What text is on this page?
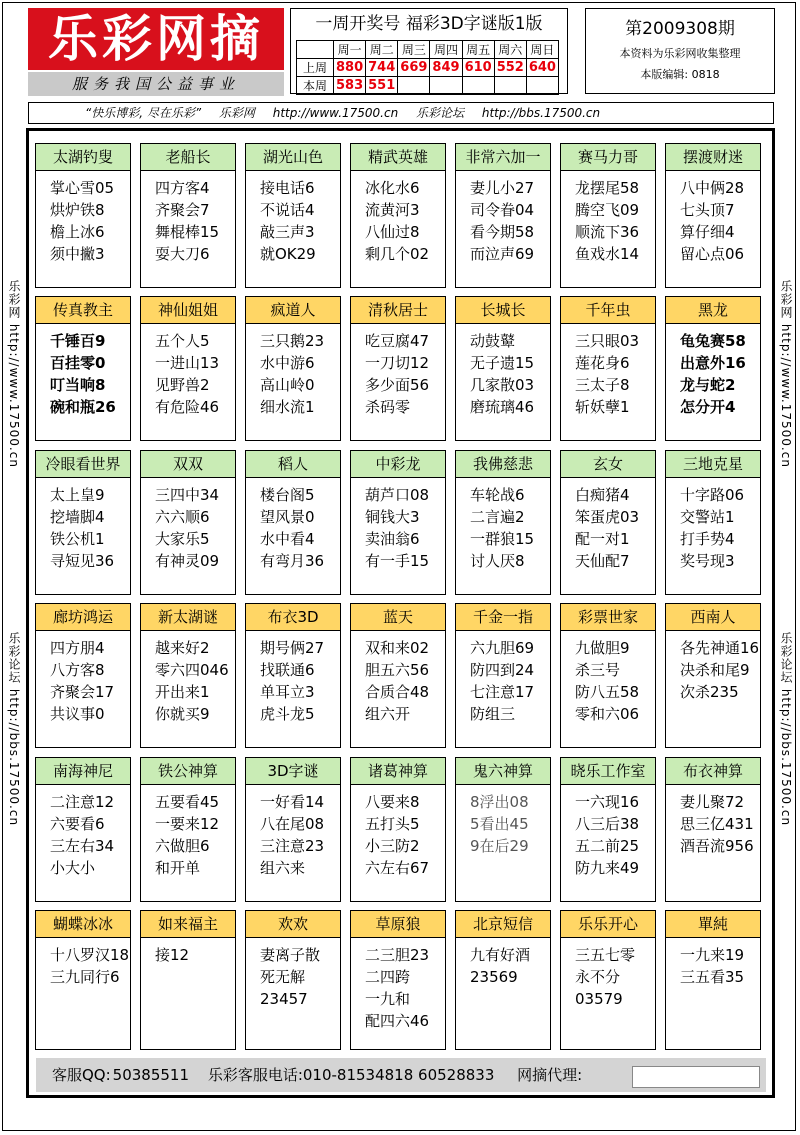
乐彩网摘
服务我国公益事业
一周开奖号 福彩3D字谜版1版
	周一	周二	周三	周四	周五	周六	周日
上周	880	744	669	849	610	552	640
本周	583	551					
第2009308期
本资料为乐彩网收集整理
本版编辑: 0818
“快乐博彩, 尽在乐彩” 乐彩网 http://www.17500.cn 乐彩论坛 http://bbs.17500.cn
乐彩网 http://www.17500.cn
乐彩论坛 http://bbs.17500.cn
乐彩网 http://www.17500.cn
乐彩论坛 http://bbs.17500.cn
太湖钓叟
掌心雪05
烘炉铁8
檐上冰6
须中撇3
老船长
四方客4
齐聚会7
舞棍棒15
耍大刀6
湖光山色
接电话6
不说话4
敲三声3
就OK29
精武英雄
冰化水6
流黄河3
八仙过8
剩几个02
非常六加一
妻儿小27
司令眷04
看今期58
而泣声69
赛马力哥
龙摆尾58
腾空飞09
顺流下36
鱼戏水14
摆渡财迷
八中俩28
七头顶7
算仔细4
留心点06
传真教主
千锤百9
百挂零0
叮当响8
碗和瓶26
神仙姐姐
五个人5
一进山13
见野兽2
有危险46
疯道人
三只鹅23
水中游6
高山岭0
细水流1
清秋居士
吃豆腐47
一刀切12
多少面56
杀码零
长城长
动鼓鼙
无子遗15
几家散03
磨琉璃46
千年虫
三只眼03
莲花身6
三太子8
斩妖孽1
黑龙
龟兔赛58
出意外16
龙与蛇2
怎分开4
冷眼看世界
太上皇9
挖墙脚4
铁公机1
寻短见36
双双
三四中34
六六顺6
大家乐5
有神灵09
稻人
楼台阁5
望风景0
水中看4
有弯月36
中彩龙
葫芦口08
铜钱大3
卖油翁6
有一手15
我佛慈悲
车轮战6
二言遍2
一群狼15
讨人厌8
玄女
白痴猪4
笨蛋虎03
配一对1
天仙配7
三地克星
十字路06
交警站1
打手势4
奖号现3
廊坊鸿运
四方朋4
八方客8
齐聚会17
共议事0
新太湖谜
越来好2
零六四046
开出来1
你就买9
布衣3D
期号俩27
找联通6
单耳立3
虎斗龙5
蓝天
双和来02
胆五六56
合质合48
组六开
千金一指
六九胆69
防四到24
七注意17
防组三
彩票世家
九做胆9
杀三号
防八五58
零和六06
西南人
各先神通16
决杀和尾9
次杀235
南海神尼
二注意12
六要看6
三左右34
小大小
铁公神算
五要看45
一要来12
六做胆6
和开单
3D字谜
一好看14
八在尾08
三注意23
组六来
诸葛神算
八要来8
五打头5
小三防2
六左右67
鬼六神算
8浮出08
5看出45
9在后29
晓乐工作室
一六现16
八三后38
五二前25
防九来49
布衣神算
妻儿聚72
思三亿431
酒吾流956
蝴蝶冰冰
十八罗汉18
三九同行6
如来福主
接12
欢欢
妻离子散
死无解
23457
草原狼
二三胆23
二四跨
一九和
配四六46
北京短信
九有好酒
23569
乐乐开心
三五七零
永不分
03579
單純
一九来19
三五看35
客服QQ: 50385511 乐彩客服电话:010-81534818 60528833 网摘代理:
